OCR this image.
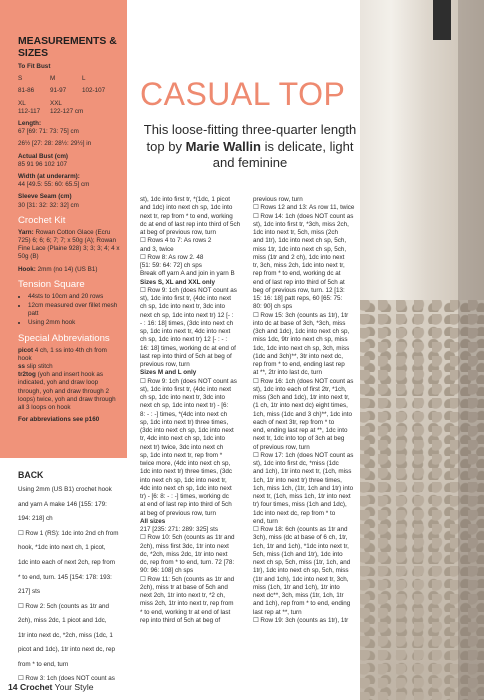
MEASUREMENTS & SIZES
To Fit Bust
S	M	L
81-86	91-97	102-107
XL	XXL
112-117	122-127 cm
Length:
67 [69: 71: 73: 75] cm
26½ [27: 28: 28½: 29½] in
Actual Bust (cm)
85 91 96 102 107
Width (at underarm):
44 [49.5: 55: 60: 65.5] cm
Sleeve Seam (cm)
30 [31: 32: 32: 32] cm
Crochet Kit
Yarn: Rowan Cotton Glace (Ecru 725) 6; 6; 6; 7; 7; x 50g (A); Rowan Fine Lace (Plaine 928) 3; 3; 3; 4; 4 x 50g (B)
Hook: 2mm (no 14) (US B1)
Tension Square
• 44sts to 10cm and 20 rows
• 12cm measured over fillet mesh patt
• Using 2mm hook
Special Abbreviations
picot 4 ch, 1 ss into 4th ch from hook
ss slip stitch
tr2tog (yoh and insert hook as indicated, yoh and draw loop through, yoh and draw through 2 loops) twice, yoh and draw through all 3 loops on hook
For abbreviations see p160
CASUAL TOP
This loose-fitting three-quarter length top by Marie Wallin is delicate, light and feminine
BACK

Using 2mm (US B1) crochet hook

and yarn A make 146 [155: 179:

194: 218] ch

☐ Row 1 (RS): 1dc into 2nd ch from

hook, *1dc into next ch, 1 picot,

1dc into each of next 2ch, rep from

* to end, turn. 145 [154: 178: 193:

217] sts

☐ Row 2: 5ch (counts as 1tr and

2ch), miss 2dc, 1 picot and 1dc,

1tr into next dc, *2ch, miss (1dc, 1

picot and 1dc), 1tr into next dc, rep

from * to end, turn

☐ Row 3: 1ch (does NOT count as

st), 1dc into first tr, *(1dc, 1 picot

and 1dc) into next ch sp, 1dc into

next tr, rep from * to end, working

dc at end of last rep into third of 5ch

at beg of previous row, turn

☐ Rows 4 to 7: As rows 2

and 3, twice

☐ Row 8: As row 2. 48

[51: 59: 64: 72] ch sps

Break off yarn A and join in yarn B

Sizes S, XL and XXL only

☐ Row 9: 1ch (does NOT count as

st), 1dc into first tr, (4dc into next

ch sp, 1dc into next tr, 3dc into

next ch sp, 1dc into next tr) 12 [- :

- : 16: 18] times, (3dc into next ch

sp, 1dc into next tr, 4dc into next

ch sp, 1dc into next tr) 12 [- : - :

16: 18] times, working dc at end of

last rep into third of 5ch at beg of

previous row, turn

Sizes M and L only

☐ Row 9: 1ch (does NOT count as

st), 1dc into first tr, (4dc into next

ch sp, 1dc into next tr, 3dc into

next ch sp, 1dc into next tr) - [6:

8: - : -] times, *(4dc into next ch

sp, 1dc into next tr) three times,

(3dc into next ch sp, 1dc into next

tr, 4dc into next ch sp, 1dc into

next tr) twice, 3dc into next ch

sp, 1dc into next tr, rep from *

twice more, (4dc into next ch sp,

1dc into next tr) three times, (3dc

into next ch sp, 1dc into next tr,

4dc into next ch sp, 1dc into next

tr) - [6: 8: - : -] times, working dc

at end of last rep into third of 5ch

at beg of previous row, turn

All sizes

217 [235: 271: 289: 325] sts

☐ Row 10: 5ch (counts as 1tr and

2ch), miss first 3dc, 1tr into next

dc, *2ch, miss 2dc, 1tr into next

dc, rep from * to end, turn. 72 [78:

90: 96: 108] ch sps

☐ Row 11: 5ch (counts as 1tr and

2ch), miss tr at base of 5ch and

next 2ch, 1tr into next tr, *2 ch,

miss 2ch, 1tr into next tr, rep from

* to end, working tr at end of last

rep into third of 5ch at beg of

previous row, turn

☐ Rows 12 and 13: As row 11, twice

☐ Row 14: 1ch (does NOT count as

st), 1dc into first tr, *3ch, miss 2ch,

1dc into next tr, 5ch, miss (2ch

and 1tr), 1dc into next ch sp, 5ch,

miss 1tr, 1dc into next ch sp, 5ch,

miss (1tr and 2 ch), 1dc into next

tr, 3ch, miss 2ch, 1dc into next tr,

rep from * to end, working dc at

end of last rep into third of 5ch at

beg of previous row, turn. 12 [13:

15: 16: 18] patt reps, 60 [65: 75:

80: 90] ch sps

☐ Row 15: 3ch (counts as 1tr), 1tr

into dc at base of 3ch, *3ch, miss

(3ch and 1dc), 1dc into next ch sp,

miss 1dc, 9tr into next ch sp, miss

1dc, 1dc into next ch sp, 3ch, miss

(1dc and 3ch)**, 3tr into next dc,

rep from * to end, ending last rep

at **, 2tr into last dc, turn

☐ Row 16: 1ch (does NOT count as

st), 1dc into each of first 2tr, *1ch,

miss (3ch and 1dc), 1tr into next tr,

(1 ch, 1tr into next dc) eight times,

1ch, miss (1dc and 3 ch)**, 1dc into

each of next 3tr, rep from * to

end, ending last rep at **, 1dc into

next tr, 1dc into top of 3ch at beg

of previous row, turn

☐ Row 17: 1ch (does NOT count as

st), 1dc into first dc, *miss (1dc

and 1ch), 1tr into next tr, (1ch, miss

1ch, 1tr into next tr) three times,

1ch, miss 1ch, (1tr, 1ch and 1tr) into

next tr, (1ch, miss 1ch, 1tr into next

tr) four times, miss (1ch and 1dc),

1dc into next dc, rep from * to

end, turn

☐ Row 18: 6ch (counts as 1tr and

3ch), miss (dc at base of 6 ch, 1tr,

1ch, 1tr and 1ch), *1dc into next tr,

5ch, miss (1ch and 1tr), 1dc into

next ch sp, 5ch, miss (1tr, 1ch, and

1tr), 1dc into next ch sp, 5ch, miss

(1tr and 1ch), 1dc into next tr, 3ch,

miss (1ch, 1tr and 1ch), 1tr into

next dc**, 3ch, miss (1tr, 1ch, 1tr

and 1ch), rep from * to end, ending

last rep at **, turn

☐ Row 19: 3ch (counts as 1tr), 1tr

14 Crochet Your Style
